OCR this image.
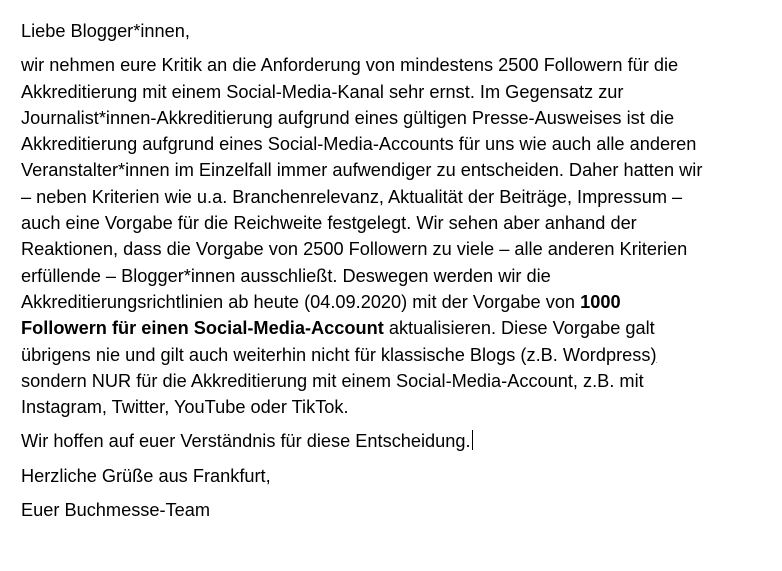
Liebe Blogger*innen,
wir nehmen eure Kritik an die Anforderung von mindestens 2500 Followern für die
Akkreditierung mit einem Social-Media-Kanal sehr ernst. Im Gegensatz zur
Journalist*innen-Akkreditierung aufgrund eines gültigen Presse-Ausweises ist die
Akkreditierung aufgrund eines Social-Media-Accounts für uns wie auch alle anderen
Veranstalter*innen im Einzelfall immer aufwendiger zu entscheiden. Daher hatten wir
– neben Kriterien wie u.a. Branchenrelevanz, Aktualität der Beiträge, Impressum –
auch eine Vorgabe für die Reichweite festgelegt. Wir sehen aber anhand der
Reaktionen, dass die Vorgabe von 2500 Followern zu viele – alle anderen Kriterien
erfüllende – Blogger*innen ausschließt. Deswegen werden wir die
Akkreditierungsrichtlinien ab heute (04.09.2020) mit der Vorgabe von 1000
Followern für einen Social-Media-Account aktualisieren. Diese Vorgabe galt
übrigens nie und gilt auch weiterhin nicht für klassische Blogs (z.B. Wordpress)
sondern NUR für die Akkreditierung mit einem Social-Media-Account, z.B. mit
Instagram, Twitter, YouTube oder TikTok.
Wir hoffen auf euer Verständnis für diese Entscheidung.
Herzliche Grüße aus Frankfurt,
Euer Buchmesse-Team
